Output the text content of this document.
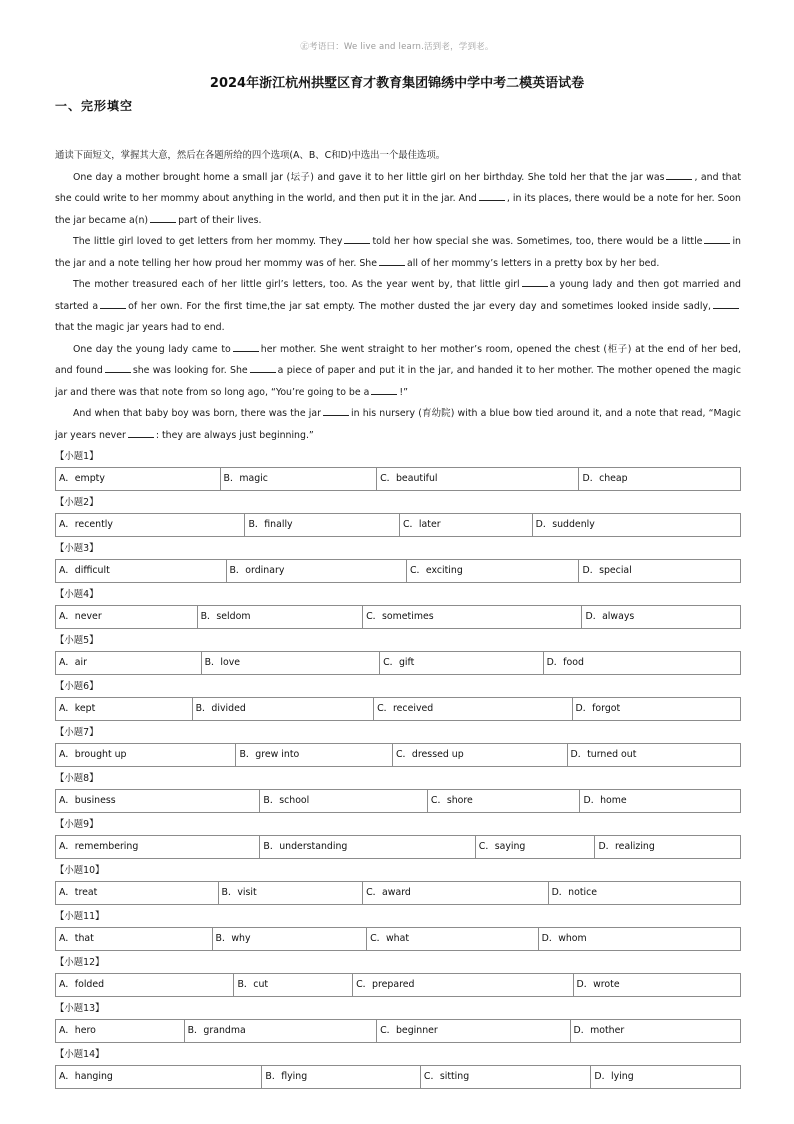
㊣考语曰：We live and learn.活到老，学到老。
2024年浙江杭州拱墅区育才教育集团锦绣中学中考二模英语试卷
一、完形填空

通读下面短文，掌握其大意，然后在各题所给的四个选项(A、B、C和D)中选出一个最佳选项。

One day a mother brought home a small jar (坛子) and gave it to her little girl on her birthday. She told her that the jar was	, and that she could write to her mommy about anything in the world, and then put it in the jar. And	, in its places, there would be a note for her. Soon the jar became a(n)	part of their lives.

The little girl loved to get letters from her mommy. They	told her how special she was. Sometimes, too, there would be a little	in the jar and a note telling her how proud her mommy was of her. She	all of her mommy’s letters in a pretty box by her bed.

The mother treasured each of her little girl’s letters, too. As the year went by, that little girl	a young lady and then got married and started a	of her own. For the first time,the jar sat empty. The mother dusted the jar every day and sometimes looked inside sadly,that the magic jar years had to end.

One day the young lady came to	her mother. She went straight to her mother’s room, opened the chest (柜子) at the end of her bed, and found	she was looking for. She	a piece of paper and put it in the jar, and handed it to her mother. The mother opened the magic jar and there was that note from so long ago, “You’re going to be a	!”

And when that baby boy was born, there was the jar	in his nursery (育幼院) with a blue bow tied around it, and a note that read, “Magic jar years never	: they are always just beginning.”

【小题1】
A．empty	B．magic	C．beautiful	D．cheap
【小题2】
A．recently	B．finally	C．later	D．suddenly
【小题3】
A．difficult	B．ordinary	C．exciting	D．special
【小题4】
A．never	B．seldom	C．sometimes	D．always
【小题5】
A．air	B．love	C．gift	D．food
【小题6】
A．kept	B．divided	C．received	D．forgot
【小题7】
A．brought up	B．grew into	C．dressed up	D．turned out
【小题8】
A．business	B．school	C．shore	D．home
【小题9】
A．remembering	B．understanding	C．saying	D．realizing
【小题10】
A．treat	B．visit	C．award	D．notice
【小题11】
A．that	B．why	C．what	D．whom
【小题12】
A．folded	B．cut	C．prepared	D．wrote
【小题13】
A．hero	B．grandma	C．beginner	D．mother
【小题14】
A．hanging	B．flying	C．sitting	D．lying
